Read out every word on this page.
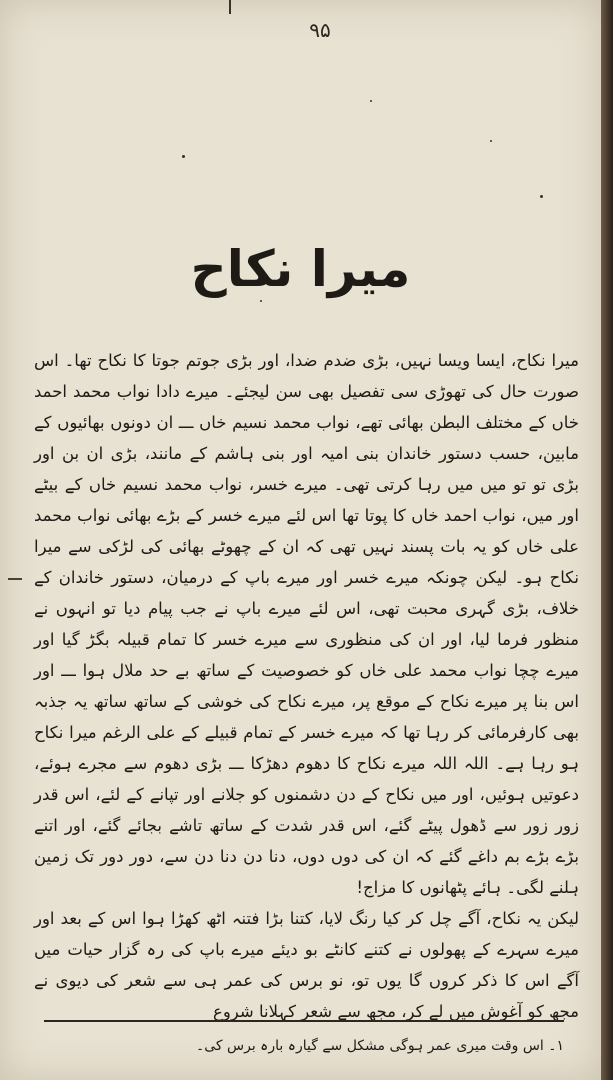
۹۵
میرا نکاح

میرا نکاح، ایسا ویسا نہیں، بڑی ضدم ضدا، اور بڑی جوتم جوتا کا نکاح تھا۔ اس صورت حال کی تھوڑی سی تفصیل بھی سن لیجئے۔ میرے دادا نواب محمد احمد خاں کے مختلف البطن بھائی تھے، نواب محمد نسیم خاں ـــ ان دونوں بھائیوں کے مابین، حسب دستور خاندان بنی امیہ اور بنی ہاشم کے مانند، بڑی ان بن اور بڑی تو تو میں میں رہا کرتی تھی۔ میرے خسر، نواب محمد نسیم خاں کے بیٹے اور میں، نواب احمد خاں کا پوتا تھا اس لئے میرے خسر کے بڑے بھائی نواب محمد علی خاں کو یہ بات پسند نہیں تھی کہ ان کے چھوٹے بھائی کی لڑکی سے میرا نکاح ہو۔ لیکن چونکہ میرے خسر اور میرے باپ کے درمیان، دستور خاندان کے خلاف، بڑی گہری محبت تھی، اس لئے میرے باپ نے جب پیام دیا تو انہوں نے منظور فرما لیا، اور ان کی منظوری سے میرے خسر کا تمام قبیلہ بگڑ گیا اور میرے چچا نواب محمد علی خاں کو خصوصیت کے ساتھ بے حد ملال ہوا ـــ اور اس بنا پر میرے نکاح کے موقع پر، میرے نکاح کی خوشی کے ساتھ ساتھ یہ جذبہ بھی کارفرمائی کر رہا تھا کہ میرے خسر کے تمام قبیلے کے علی الرغم میرا نکاح ہو رہا ہے۔ اللہ اللہ میرے نکاح کا دھوم دھڑکا ـــ بڑی دھوم سے مجرے ہوئے، دعوتیں ہوئیں، اور میں نکاح کے دن دشمنوں کو جلانے اور تپانے کے لئے، اس قدر زور زور سے ڈھول پیٹے گئے، اس قدر شدت کے ساتھ تاشے بجائے گئے، اور اتنے بڑے بڑے بم داغے گئے کہ ان کی دوں دوں، دنا دن دنا دن سے، دور دور تک زمین ہلنے لگی۔ ہائے پٹھانوں کا مزاج!

لیکن یہ نکاح، آگے چل کر کیا رنگ لایا، کتنا بڑا فتنہ اٹھ کھڑا ہوا اس کے بعد اور میرے سہرے کے پھولوں نے کتنے کانٹے بو دیئے میرے باپ کی رہ گزار حیات میں آگے اس کا ذکر کروں گا یوں تو، نو برس کی عمر ہی سے شعر کی دیوی نے مجھ کو آغوش میں لے کر، مجھ سے شعر کہلانا شروع

۱۔ اس وقت میری عمر ہوگی مشکل سے گیارہ بارہ برس کی۔
